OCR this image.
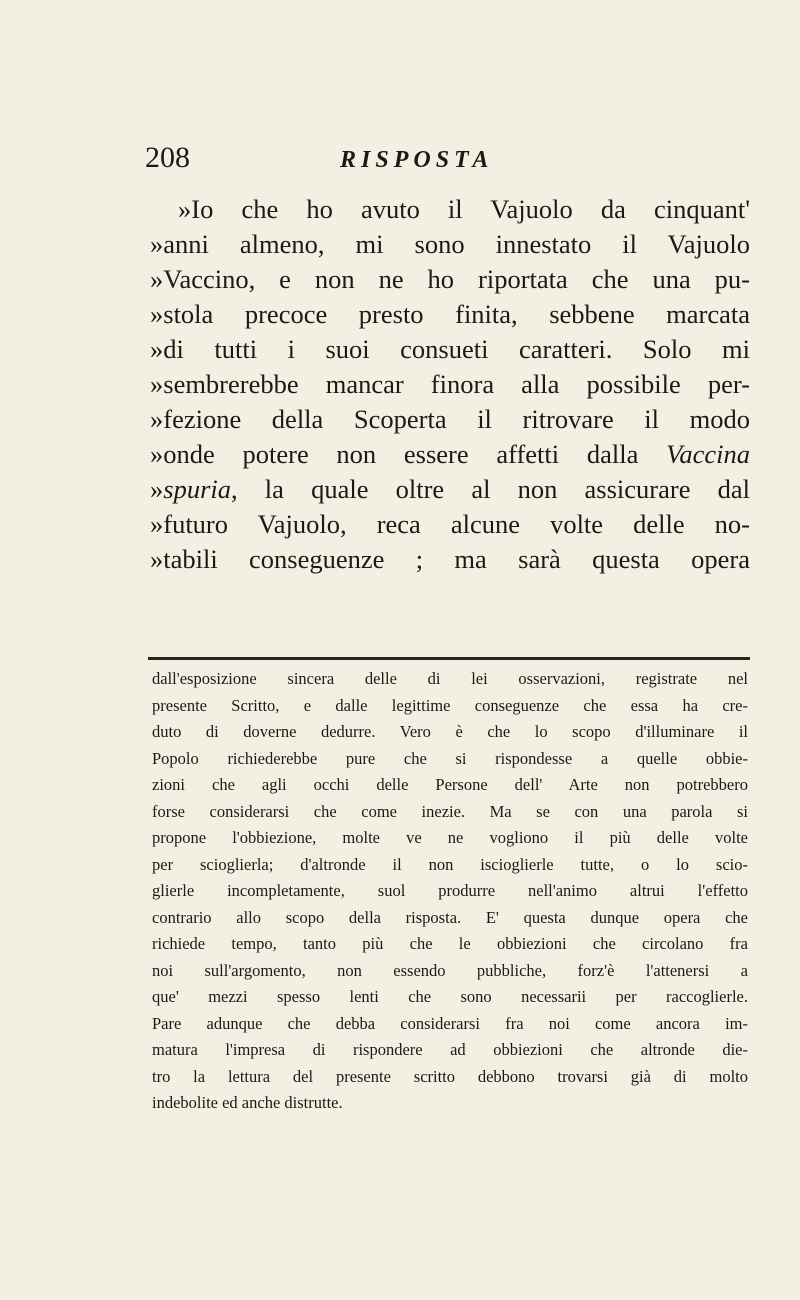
208	RISPOSTA
»Io che ho avuto il Vajuolo da cinquant'
»anni almeno, mi sono innestato il Vajuolo
»Vaccino, e non ne ho riportata che una pu-
»stola precoce presto finita, sebbene marcata
»di tutti i suoi consueti caratteri. Solo mi
»sembrerebbe mancar finora alla possibile per-
»fezione della Scoperta il ritrovare il modo
»onde potere non essere affetti dalla Vaccina
»spuria, la quale oltre al non assicurare dal
»futuro Vajuolo, reca alcune volte delle no-
»tabili conseguenze ; ma sarà questa opera
dall'esposizione sincera delle di lei osservazioni, registrate nel
presente Scritto, e dalle legittime conseguenze che essa ha cre-
duto di doverne dedurre. Vero è che lo scopo d'illuminare il
Popolo richiederebbe pure che si rispondesse a quelle obbie-
zioni che agli occhi delle Persone dell' Arte non potrebbero
forse considerarsi che come inezie. Ma se con una parola si
propone l'obbiezione, molte ve ne vogliono il più delle volte
per scioglierla; d'altronde il non iscioglierle tutte, o lo scio-
glierle incompletamente, suol produrre nell'animo altrui l'effetto
contrario allo scopo della risposta. E' questa dunque opera che
richiede tempo, tanto più che le obbiezioni che circolano fra
noi sull'argomento, non essendo pubbliche, forz'è l'attenersi a
que' mezzi spesso lenti che sono necessarii per raccoglierle.
Pare adunque che debba considerarsi fra noi come ancora im-
matura l'impresa di rispondere ad obbiezioni che altronde die-
tro la lettura del presente scritto debbono trovarsi già di molto
indebolite ed anche distrutte.
